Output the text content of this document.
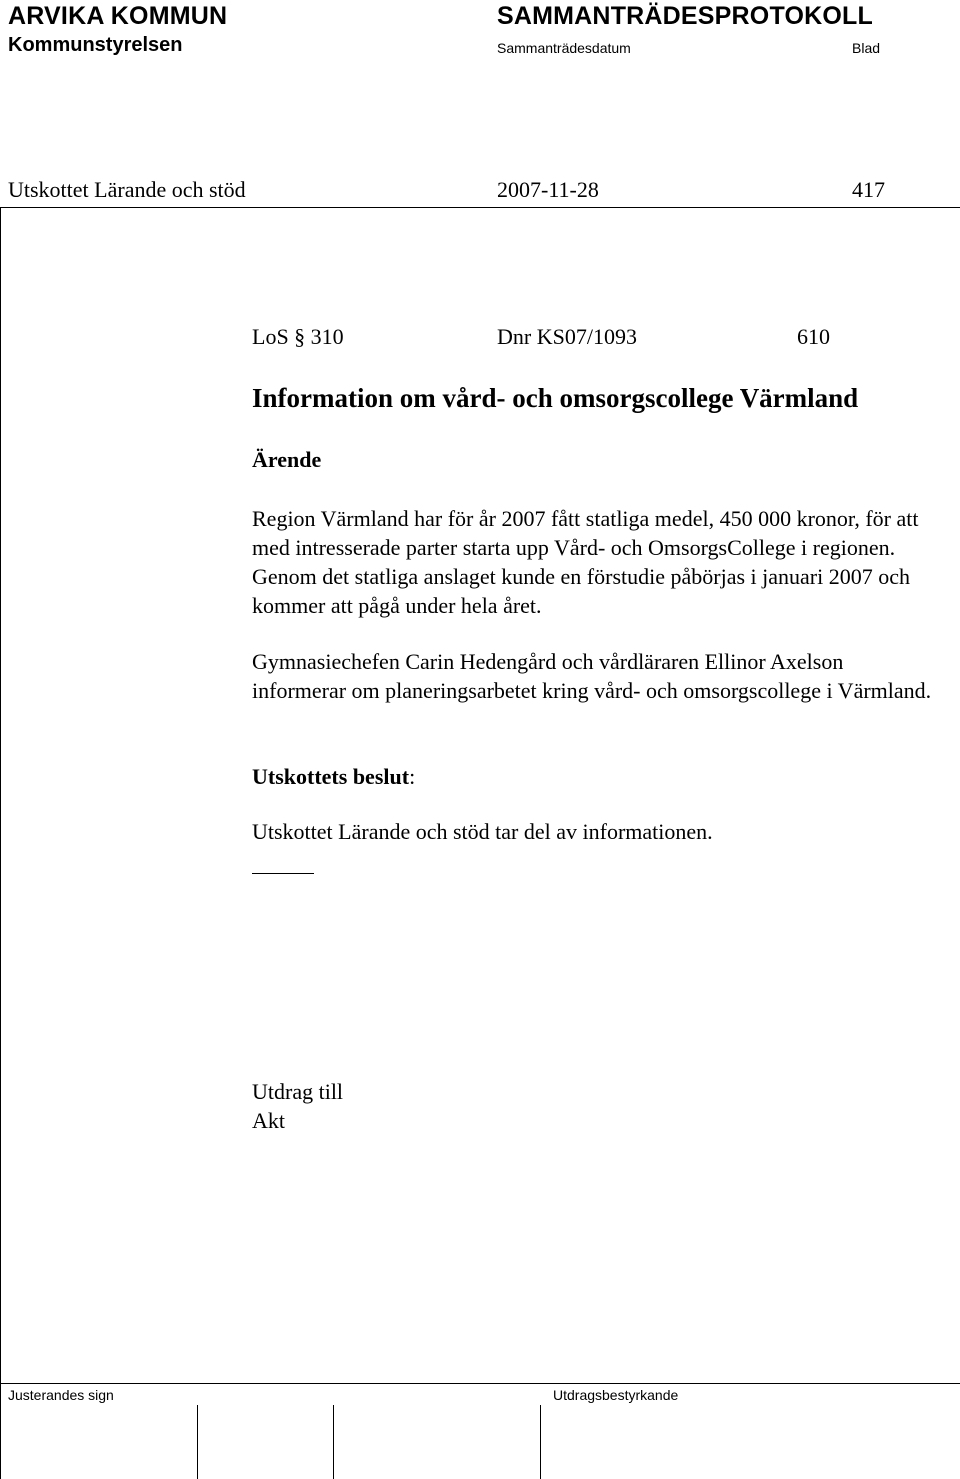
ARVIKA KOMMUN
Kommunstyrelsen
SAMMANTRÄDESPROTOKOLL
Sammanträdesdatum	Blad
Utskottet Lärande och stöd	2007-11-28	417
LoS § 310	Dnr KS07/1093	610
Information om vård- och omsorgscollege Värmland
Ärende

Region Värmland har för år 2007 fått statliga medel, 450 000 kronor, för att med intresserade parter starta upp Vård- och OmsorgsCollege i regionen. Genom det statliga anslaget kunde en förstudie påbörjas i januari 2007 och kommer att pågå under hela året.

Gymnasiechefen Carin Hedengård och vårdläraren Ellinor Axelson informerar om planeringsarbetet kring vård- och omsorgscollege i Värmland.

Utskottets beslut:
Utskottet Lärande och stöd tar del av informationen.
Utdrag till
Akt
Justerandes sign	Utdragsbestyrkande
